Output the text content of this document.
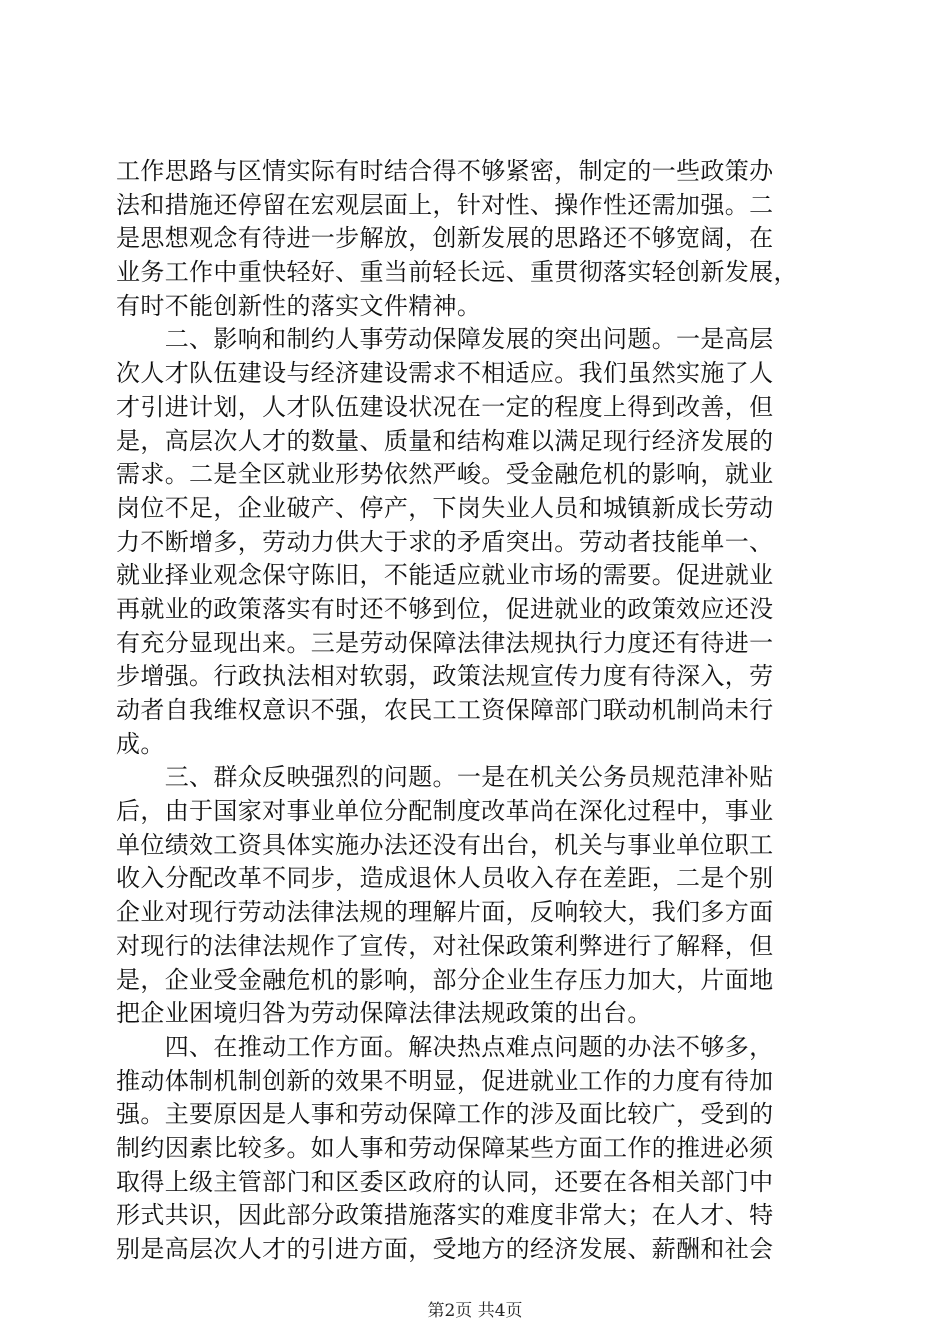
工作思路与区情实际有时结合得不够紧密，制定的一些政策办
法和措施还停留在宏观层面上，针对性、操作性还需加强。二
是思想观念有待进一步解放，创新发展的思路还不够宽阔，在
业务工作中重快轻好、重当前轻长远、重贯彻落实轻创新发展，
有时不能创新性的落实文件精神。
　　二、影响和制约人事劳动保障发展的突出问题。一是高层
次人才队伍建设与经济建设需求不相适应。我们虽然实施了人
才引进计划，人才队伍建设状况在一定的程度上得到改善，但
是，高层次人才的数量、质量和结构难以满足现行经济发展的
需求。二是全区就业形势依然严峻。受金融危机的影响，就业
岗位不足，企业破产、停产，下岗失业人员和城镇新成长劳动
力不断增多，劳动力供大于求的矛盾突出。劳动者技能单一、
就业择业观念保守陈旧，不能适应就业市场的需要。促进就业
再就业的政策落实有时还不够到位，促进就业的政策效应还没
有充分显现出来。三是劳动保障法律法规执行力度还有待进一
步增强。行政执法相对软弱，政策法规宣传力度有待深入，劳
动者自我维权意识不强，农民工工资保障部门联动机制尚未行
成。
　　三、群众反映强烈的问题。一是在机关公务员规范津补贴
后，由于国家对事业单位分配制度改革尚在深化过程中，事业
单位绩效工资具体实施办法还没有出台，机关与事业单位职工
收入分配改革不同步，造成退休人员收入存在差距，二是个别
企业对现行劳动法律法规的理解片面，反响较大，我们多方面
对现行的法律法规作了宣传，对社保政策利弊进行了解释，但
是，企业受金融危机的影响，部分企业生存压力加大，片面地
把企业困境归咎为劳动保障法律法规政策的出台。
　　四、在推动工作方面。解决热点难点问题的办法不够多，
推动体制机制创新的效果不明显，促进就业工作的力度有待加
强。主要原因是人事和劳动保障工作的涉及面比较广，受到的
制约因素比较多。如人事和劳动保障某些方面工作的推进必须
取得上级主管部门和区委区政府的认同，还要在各相关部门中
形式共识，因此部分政策措施落实的难度非常大；在人才、特
别是高层次人才的引进方面，受地方的经济发展、薪酬和社会
第2页 共4页
